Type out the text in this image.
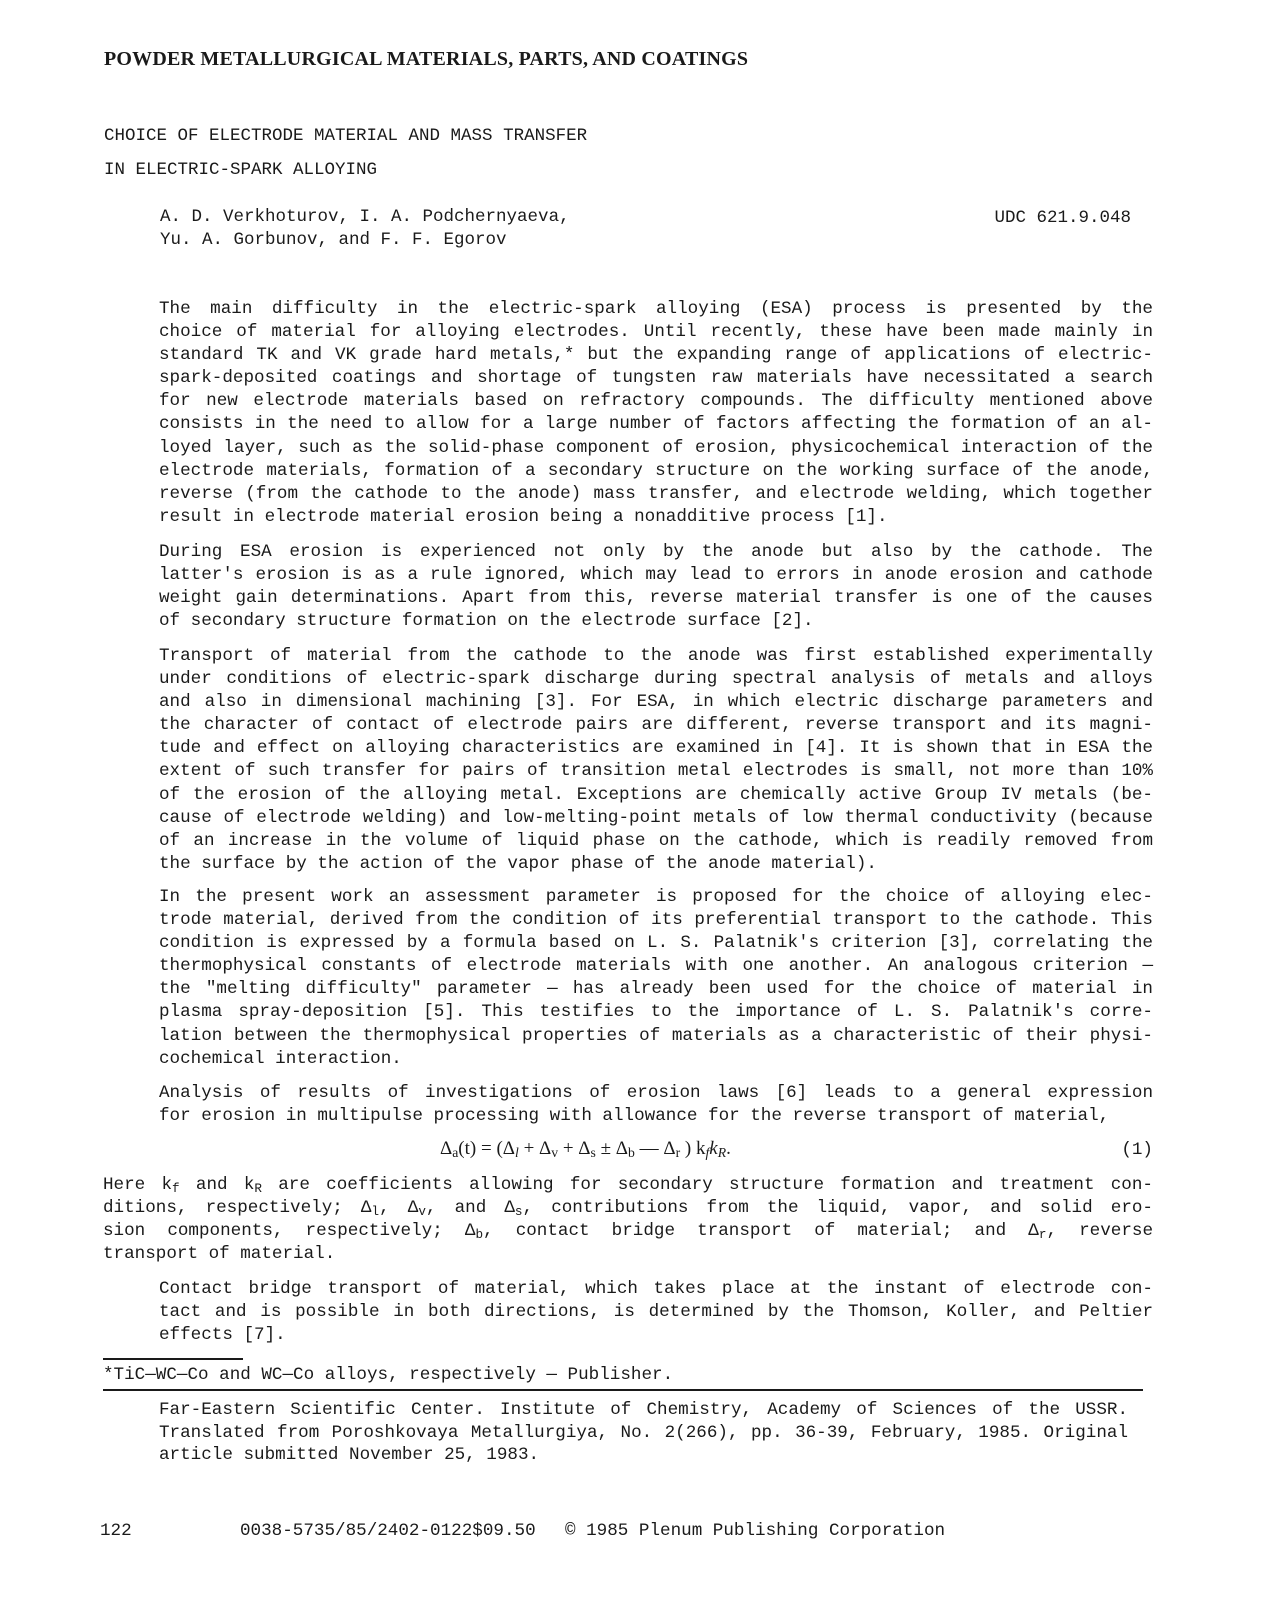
POWDER METALLURGICAL MATERIALS, PARTS, AND COATINGS
CHOICE OF ELECTRODE MATERIAL AND MASS TRANSFER
IN ELECTRIC-SPARK ALLOYING
A. D. Verkhoturov, I. A. Podchernyaeva,
Yu. A. Gorbunov, and F. F. Egorov
UDC 621.9.048

The main difficulty in the electric-spark alloying (ESA) process is presented by the
choice of material for alloying electrodes. Until recently, these have been made mainly in
standard TK and VK grade hard metals,* but the expanding range of applications of electric-
spark-deposited coatings and shortage of tungsten raw materials have necessitated a search
for new electrode materials based on refractory compounds. The difficulty mentioned above
consists in the need to allow for a large number of factors affecting the formation of an al-
loyed layer, such as the solid-phase component of erosion, physicochemical interaction of the
electrode materials, formation of a secondary structure on the working surface of the anode,
reverse (from the cathode to the anode) mass transfer, and electrode welding, which together
result in electrode material erosion being a nonadditive process [1].

During ESA erosion is experienced not only by the anode but also by the cathode. The
latter's erosion is as a rule ignored, which may lead to errors in anode erosion and cathode
weight gain determinations. Apart from this, reverse material transfer is one of the causes
of secondary structure formation on the electrode surface [2].

Transport of material from the cathode to the anode was first established experimentally
under conditions of electric-spark discharge during spectral analysis of metals and alloys
and also in dimensional machining [3]. For ESA, in which electric discharge parameters and
the character of contact of electrode pairs are different, reverse transport and its magni-
tude and effect on alloying characteristics are examined in [4]. It is shown that in ESA the
extent of such transfer for pairs of transition metal electrodes is small, not more than 10%
of the erosion of the alloying metal. Exceptions are chemically active Group IV metals (be-
cause of electrode welding) and low-melting-point metals of low thermal conductivity (because
of an increase in the volume of liquid phase on the cathode, which is readily removed from
the surface by the action of the vapor phase of the anode material).

In the present work an assessment parameter is proposed for the choice of alloying elec-
trode material, derived from the condition of its preferential transport to the cathode. This
condition is expressed by a formula based on L. S. Palatnik's criterion [3], correlating the
thermophysical constants of electrode materials with one another. An analogous criterion —
the "melting difficulty" parameter — has already been used for the choice of material in
plasma spray-deposition [5]. This testifies to the importance of L. S. Palatnik's corre-
lation between the thermophysical properties of materials as a characteristic of their physi-
cochemical interaction.

Analysis of results of investigations of erosion laws [6] leads to a general expression
for erosion in multipulse processing with allowance for the reverse transport of material,

$\Delta_a(t) = (\Delta_l + \Delta_v + \Delta_s \pm \Delta_b$ — $\Delta_r$ ) $k_fk_R$.	(1)

Here $k_f$ and $k_R$ are coefficients allowing for secondary structure formation and treatment con-
ditions, respectively; $\Delta_l$, $\Delta_v$, and $\Delta_s$, contributions from the liquid, vapor, and solid ero-
sion components, respectively; $\Delta_b$, contact bridge transport of material; and $\Delta_r$, reverse
transport of material.

Contact bridge transport of material, which takes place at the instant of electrode con-
tact and is possible in both directions, is determined by the Thomson, Koller, and Peltier
effects [7].

*TiC—WC—Co and WC—Co alloys, respectively — Publisher.

Far-Eastern Scientific Center. Institute of Chemistry, Academy of Sciences of the USSR.
Translated from Poroshkovaya Metallurgiya, No. 2(266), pp. 36-39, February, 1985. Original
article submitted November 25, 1983.

122	0038-5735/85/2402-0122$09.50 © 1985 Plenum Publishing Corporation
